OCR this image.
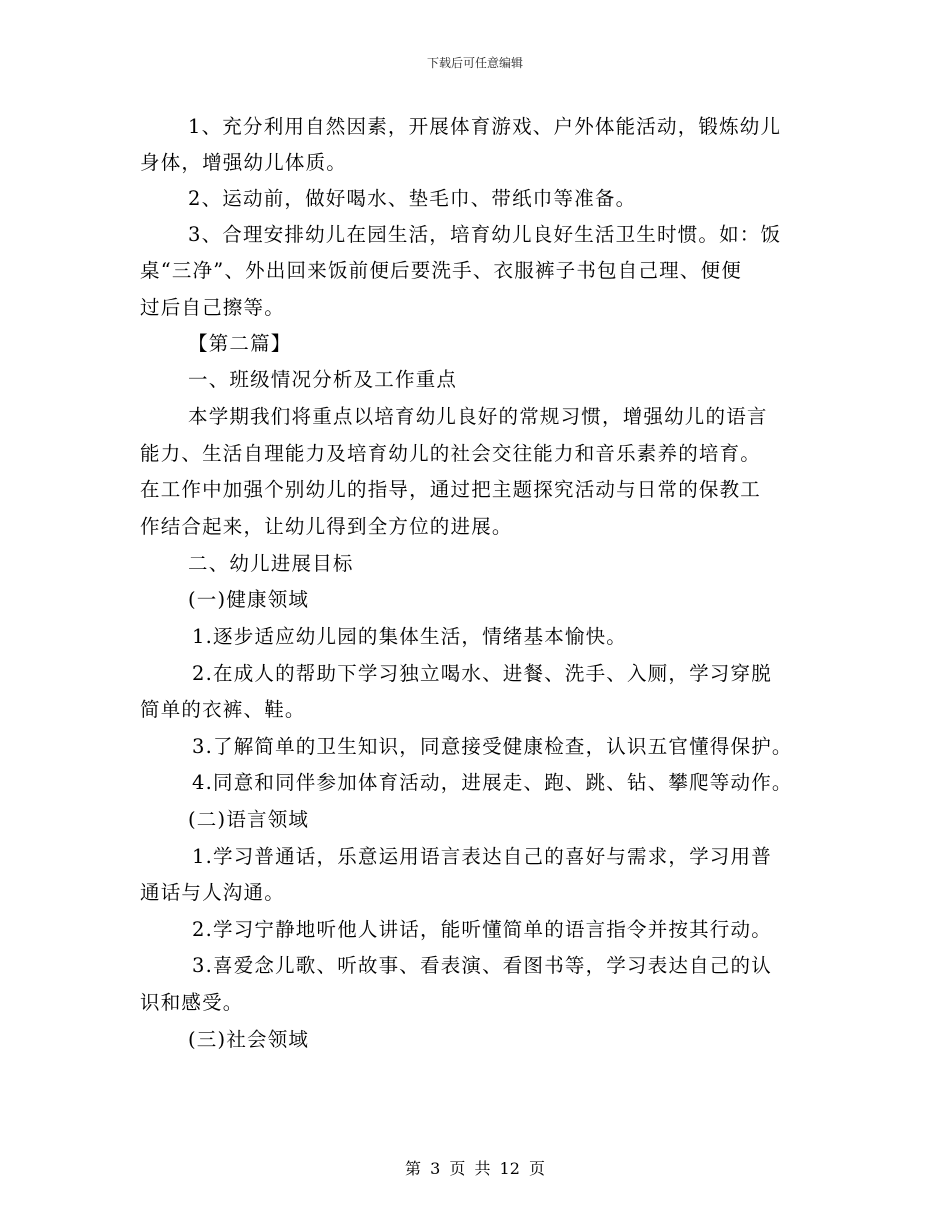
下载后可任意编辑
1、充分利用自然因素，开展体育游戏、户外体能活动，锻炼幼儿
身体，增强幼儿体质。
2、运动前，做好喝水、垫毛巾、带纸巾等准备。
3、合理安排幼儿在园生活，培育幼儿良好生活卫生时惯。如：饭
桌“三净”、外出回来饭前便后要洗手、衣服裤子书包自己理、便便
过后自己擦等。
【第二篇】
一、班级情况分析及工作重点
本学期我们将重点以培育幼儿良好的常规习惯，增强幼儿的语言
能力、生活自理能力及培育幼儿的社会交往能力和音乐素养的培育。
在工作中加强个别幼儿的指导，通过把主题探究活动与日常的保教工
作结合起来，让幼儿得到全方位的进展。
二、幼儿进展目标
(一)健康领域
1.逐步适应幼儿园的集体生活，情绪基本愉快。
2.在成人的帮助下学习独立喝水、进餐、洗手、入厕，学习穿脱
简单的衣裤、鞋。
3.了解简单的卫生知识，同意接受健康检查，认识五官懂得保护。
4.同意和同伴参加体育活动，进展走、跑、跳、钻、攀爬等动作。
(二)语言领域
1.学习普通话，乐意运用语言表达自己的喜好与需求，学习用普
通话与人沟通。
2.学习宁静地听他人讲话，能听懂简单的语言指令并按其行动。
3.喜爱念儿歌、听故事、看表演、看图书等，学习表达自己的认
识和感受。
(三)社会领域
第 3 页 共 12 页
